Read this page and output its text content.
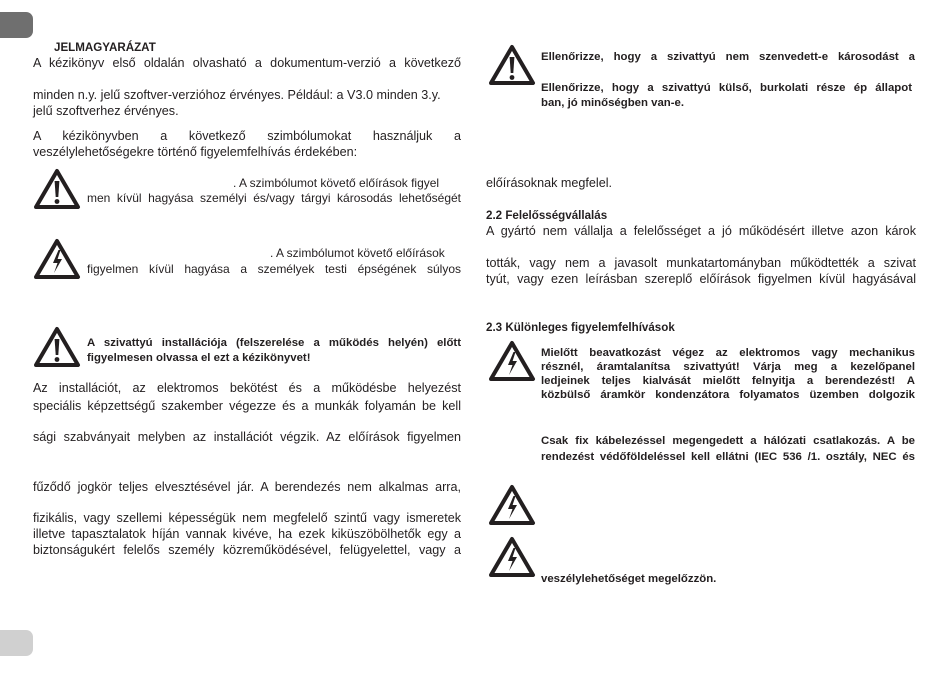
JELMAGYARÁZAT
A kézikönyv első oldalán olvasható a dokumentum-verzió a következő
minden n.y. jelű szoftver-verzióhoz érvényes. Például: a V3.0 minden 3.y.
jelű szoftverhez érvényes.
A kézikönyvben a következő szimbólumokat használjuk a
veszélylehetőségekre történő figyelemfelhívás érdekében:
. A szimbólumot követő előírások figyel
men kívül hagyása személyi és/vagy tárgyi károsodás lehetőségét
. A szimbólumot követő előírások
figyelmen kívül hagyása a személyek testi épségének súlyos
A szivattyú installációja (felszerelése a működés helyén) előtt
figyelmesen olvassa el ezt a kézikönyvet!
Az installációt, az elektromos bekötést és a működésbe helyezést
speciális képzettségű szakember végezze és a munkák folyamán be kell
sági szabványait melyben az installációt végzik. Az előírások figyelmen
fűződő jogkör teljes elvesztésével jár. A berendezés nem alkalmas arra,
fizikális, vagy szellemi képességük nem megfelelő szintű vagy ismeretek
illetve tapasztalatok híján vannak kivéve, ha ezek kiküszöbölhetők egy a
biztonságukért felelős személy közreműködésével, felügyelettel, vagy a
Ellenőrizze, hogy a szivattyú nem szenvedett-e károsodást a
Ellenőrizze, hogy a szivattyú külső, burkolati része ép állapot
ban, jó minőségben van-e.
előírásoknak megfelel.
2.2 Felelősségvállalás
A gyártó nem vállalja a felelősséget a jó működésért illetve azon károk
tották, vagy nem a javasolt munkatartományban működtették a szivat
tyút, vagy ezen leírásban szereplő előírások figyelmen kívül hagyásával
2.3 Különleges figyelemfelhívások
Mielőtt beavatkozást végez az elektromos vagy mechanikus
résznél, áramtalanítsa szivattyút! Várja meg a kezelőpanel
ledjeinek teljes kialvását mielőtt felnyitja a berendezést! A
közbülső áramkör kondenzátora folyamatos üzemben dolgozik
Csak fix kábelezéssel megengedett a hálózati csatlakozás. A be
rendezést védőföldeléssel kell ellátni (IEC 536 /1. osztály, NEC és
veszélylehetőséget megelőzzön.
